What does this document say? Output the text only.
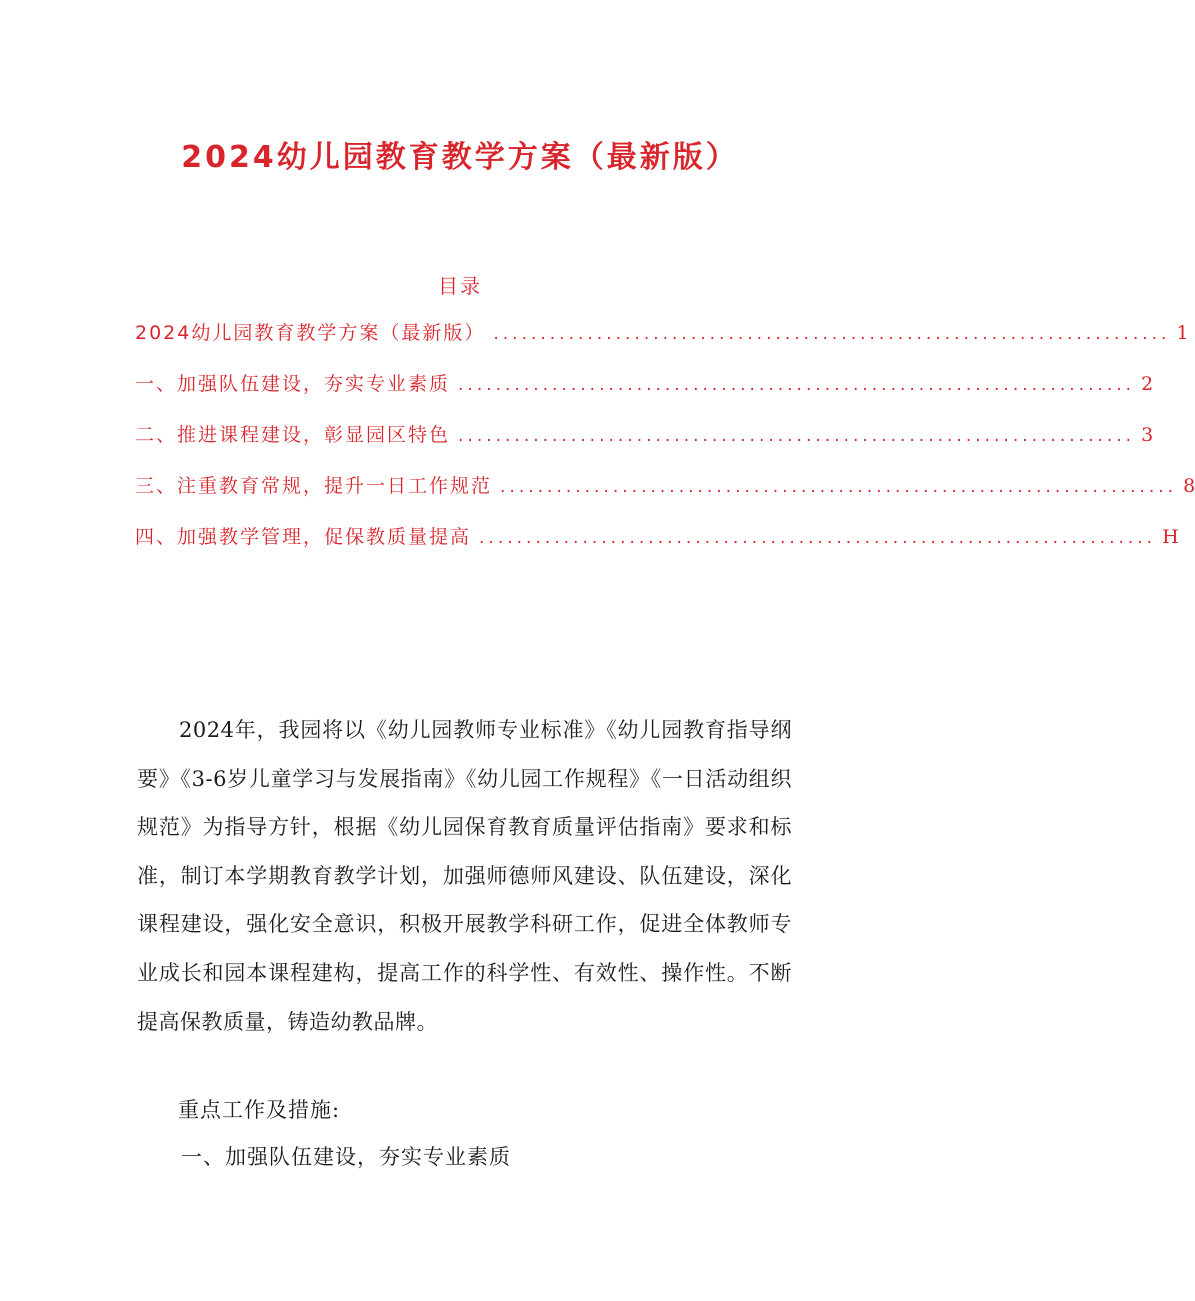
2024幼儿园教育教学方案（最新版）
目录
2024幼儿园教育教学方案（最新版） ........................................................................ 1
一、加强队伍建设，夯实专业素质 ........................................................................ 2
二、推进课程建设，彰显园区特色 ........................................................................ 3
三、注重教育常规，提升一日工作规范 ........................................................................ 8
四、加强教学管理，促保教质量提高 ........................................................................ H

2024年，我园将以《幼儿园教师专业标准》《幼儿园教育指导纲要》《3-6岁儿童学习与发展指南》《幼儿园工作规程》《一日活动组织规范》为指导方针，根据《幼儿园保育教育质量评估指南》要求和标准，制订本学期教育教学计划，加强师德师风建设、队伍建设，深化课程建设，强化安全意识，积极开展教学科研工作，促进全体教师专业成长和园本课程建构，提高工作的科学性、有效性、操作性。不断提高保教质量，铸造幼教品牌。

重点工作及措施:

一、加强队伍建设，夯实专业素质
